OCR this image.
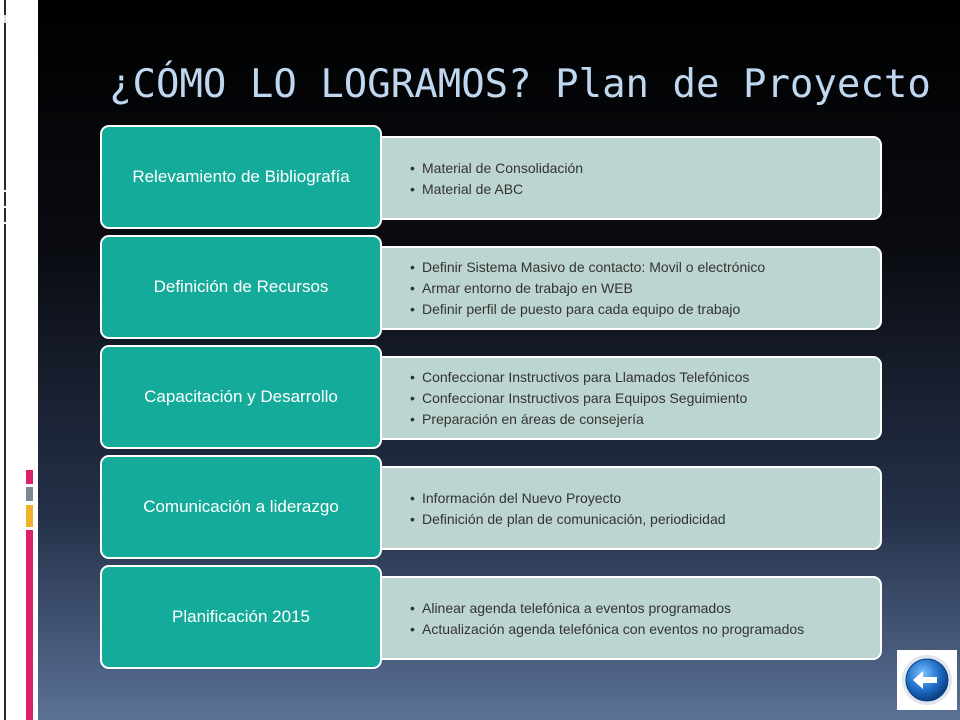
¿CÓMO LO LOGRAMOS? Plan de Proyecto
• Material de Consolidación
• Material de ABC
Relevamiento de Bibliografía
• Definir Sistema Masivo de contacto: Movil o electrónico
• Armar entorno de trabajo en WEB
• Definir perfil de puesto para cada equipo de trabajo
Definición de Recursos
• Confeccionar Instructivos para Llamados Telefónicos
• Confeccionar Instructivos para Equipos Seguimiento
• Preparación en áreas de consejería
Capacitación y Desarrollo
• Información del Nuevo Proyecto
• Definición de plan de comunicación, periodicidad
Comunicación a liderazgo
• Alinear agenda telefónica a eventos programados
• Actualización agenda telefónica con eventos no programados
Planificación 2015
